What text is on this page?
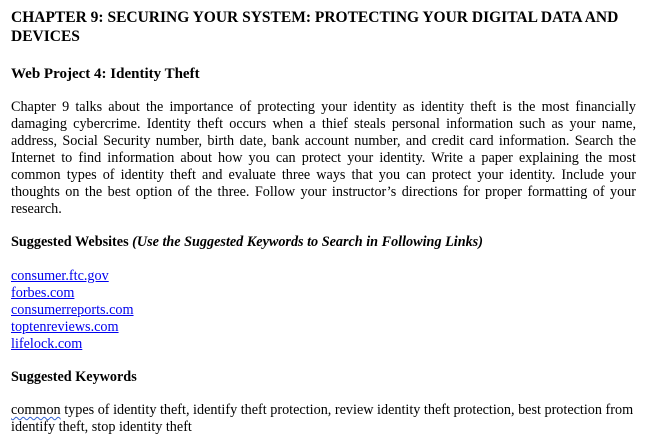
CHAPTER 9: SECURING YOUR SYSTEM: PROTECTING YOUR DIGITAL DATA AND DEVICES
Web Project 4: Identity Theft

Chapter 9 talks about the importance of protecting your identity as identity theft is the most financially damaging cybercrime. Identity theft occurs when a thief steals personal information such as your name, address, Social Security number, birth date, bank account number, and credit card information. Search the Internet to find information about how you can protect your identity. Write a paper explaining the most common types of identity theft and evaluate three ways that you can protect your identity. Include your thoughts on the best option of the three. Follow your instructor’s directions for proper formatting of your research.

Suggested Websites (Use the Suggested Keywords to Search in Following Links)

consumer.ftc.gov
forbes.com
consumerreports.com
toptenreviews.com
lifelock.com

Suggested Keywords

common types of identity theft, identify theft protection, review identity theft protection, best protection from identify theft, stop identity theft
